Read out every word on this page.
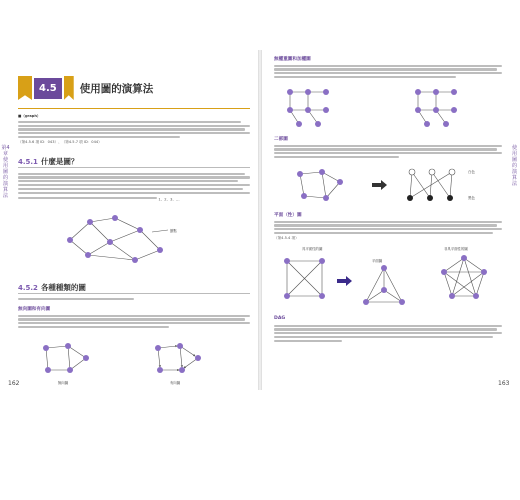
第4章 使用圖的演算法
4.5	使用圖的演算法
■（graph）
（第4.5.6 項 ID：043）、（第4.5.7 項 ID：044）
4.5.1 什麼是圖？
1、2、3、…
節點
4.5.2 各種種類的圖
無向圖和有向圖
無向圖	有向圖
162
使用圖的演算法
無權重圖和加權圖
二部圖
白色
黑色
平面（性）圖
（第4.5.4 項）
具平面性的圖
平面圖
非具平面性的圖
DAG
163
